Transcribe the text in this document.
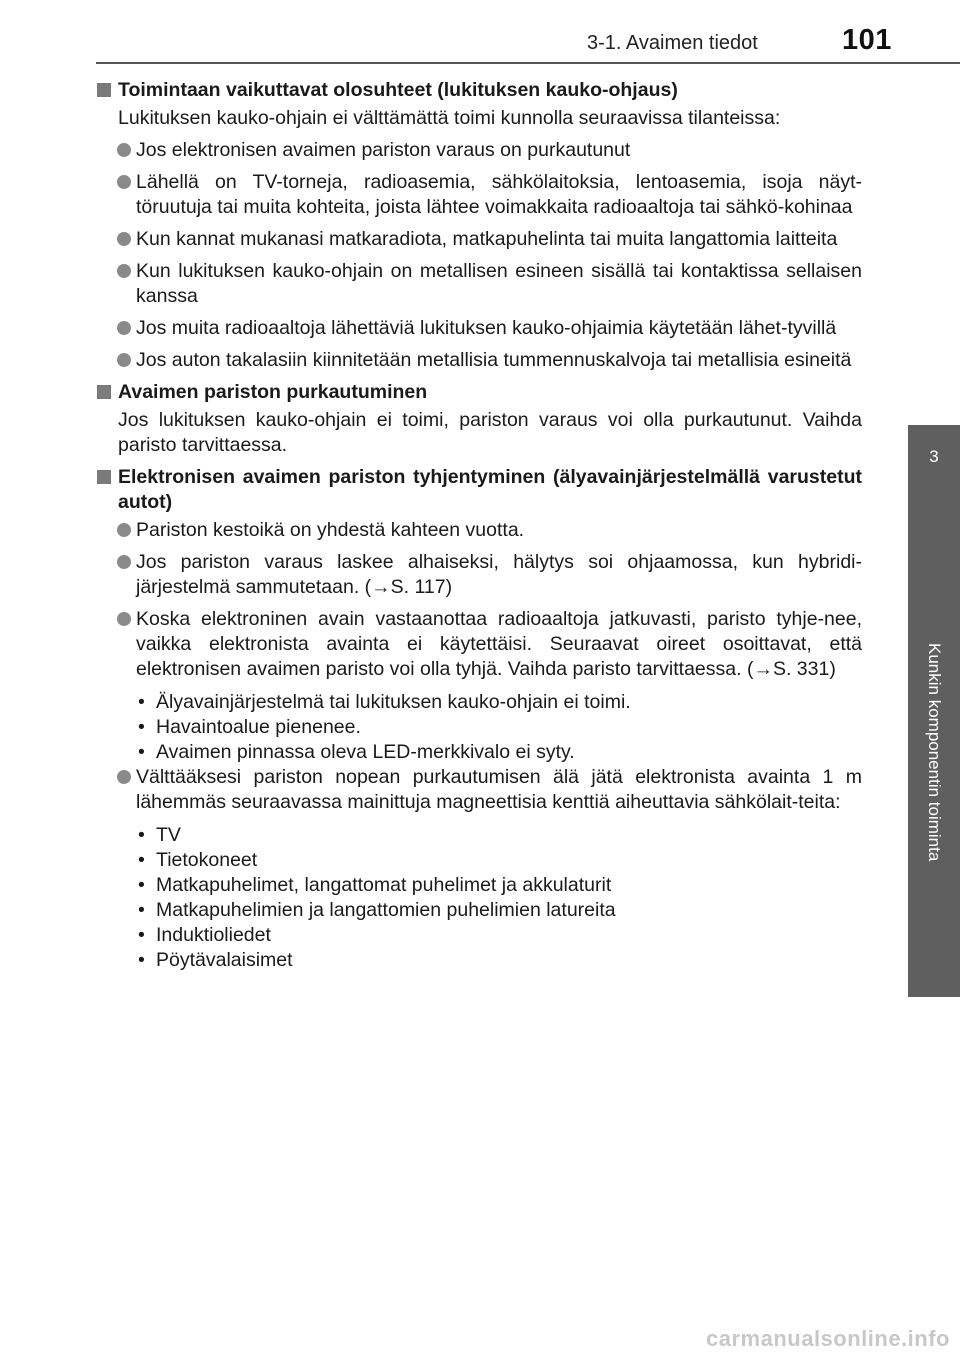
3-1. Avaimen tiedot	101
3
Kunkin komponentin toiminta
Toimintaan vaikuttavat olosuhteet (lukituksen kauko-ohjaus)
Lukituksen kauko-ohjain ei välttämättä toimi kunnolla seuraavissa tilanteissa:
Jos elektronisen avaimen pariston varaus on purkautunut
Lähellä on TV-torneja, radioasemia, sähkölaitoksia, lentoasemia, isoja näyt-töruutuja tai muita kohteita, joista lähtee voimakkaita radioaaltoja tai sähkö-kohinaa
Kun kannat mukanasi matkaradiota, matkapuhelinta tai muita langattomia laitteita
Kun lukituksen kauko-ohjain on metallisen esineen sisällä tai kontaktissa sellaisen kanssa
Jos muita radioaaltoja lähettäviä lukituksen kauko-ohjaimia käytetään lähet-tyvillä
Jos auton takalasiin kiinnitetään metallisia tummennuskalvoja tai metallisia esineitä
Avaimen pariston purkautuminen
Jos lukituksen kauko-ohjain ei toimi, pariston varaus voi olla purkautunut. Vaihda paristo tarvittaessa.
Elektronisen avaimen pariston tyhjentyminen (älyavainjärjestelmällä varustetut autot)
Pariston kestoikä on yhdestä kahteen vuotta.
Jos pariston varaus laskee alhaiseksi, hälytys soi ohjaamossa, kun hybridi-järjestelmä sammutetaan. (→S. 117)
Koska elektroninen avain vastaanottaa radioaaltoja jatkuvasti, paristo tyhje-nee, vaikka elektronista avainta ei käytettäisi. Seuraavat oireet osoittavat, että elektronisen avaimen paristo voi olla tyhjä. Vaihda paristo tarvittaessa. (→S. 331)
• Älyavainjärjestelmä tai lukituksen kauko-ohjain ei toimi.
• Havaintoalue pienenee.
• Avaimen pinnassa oleva LED-merkkivalo ei syty.
Välttääksesi pariston nopean purkautumisen älä jätä elektronista avainta 1 m lähemmäs seuraavassa mainittuja magneettisia kenttiä aiheuttavia sähkölait-teita:
• TV
• Tietokoneet
• Matkapuhelimet, langattomat puhelimet ja akkulaturit
• Matkapuhelimien ja langattomien puhelimien latureita
• Induktioliedet
• Pöytävalaisimet
carmanualsonline.info
